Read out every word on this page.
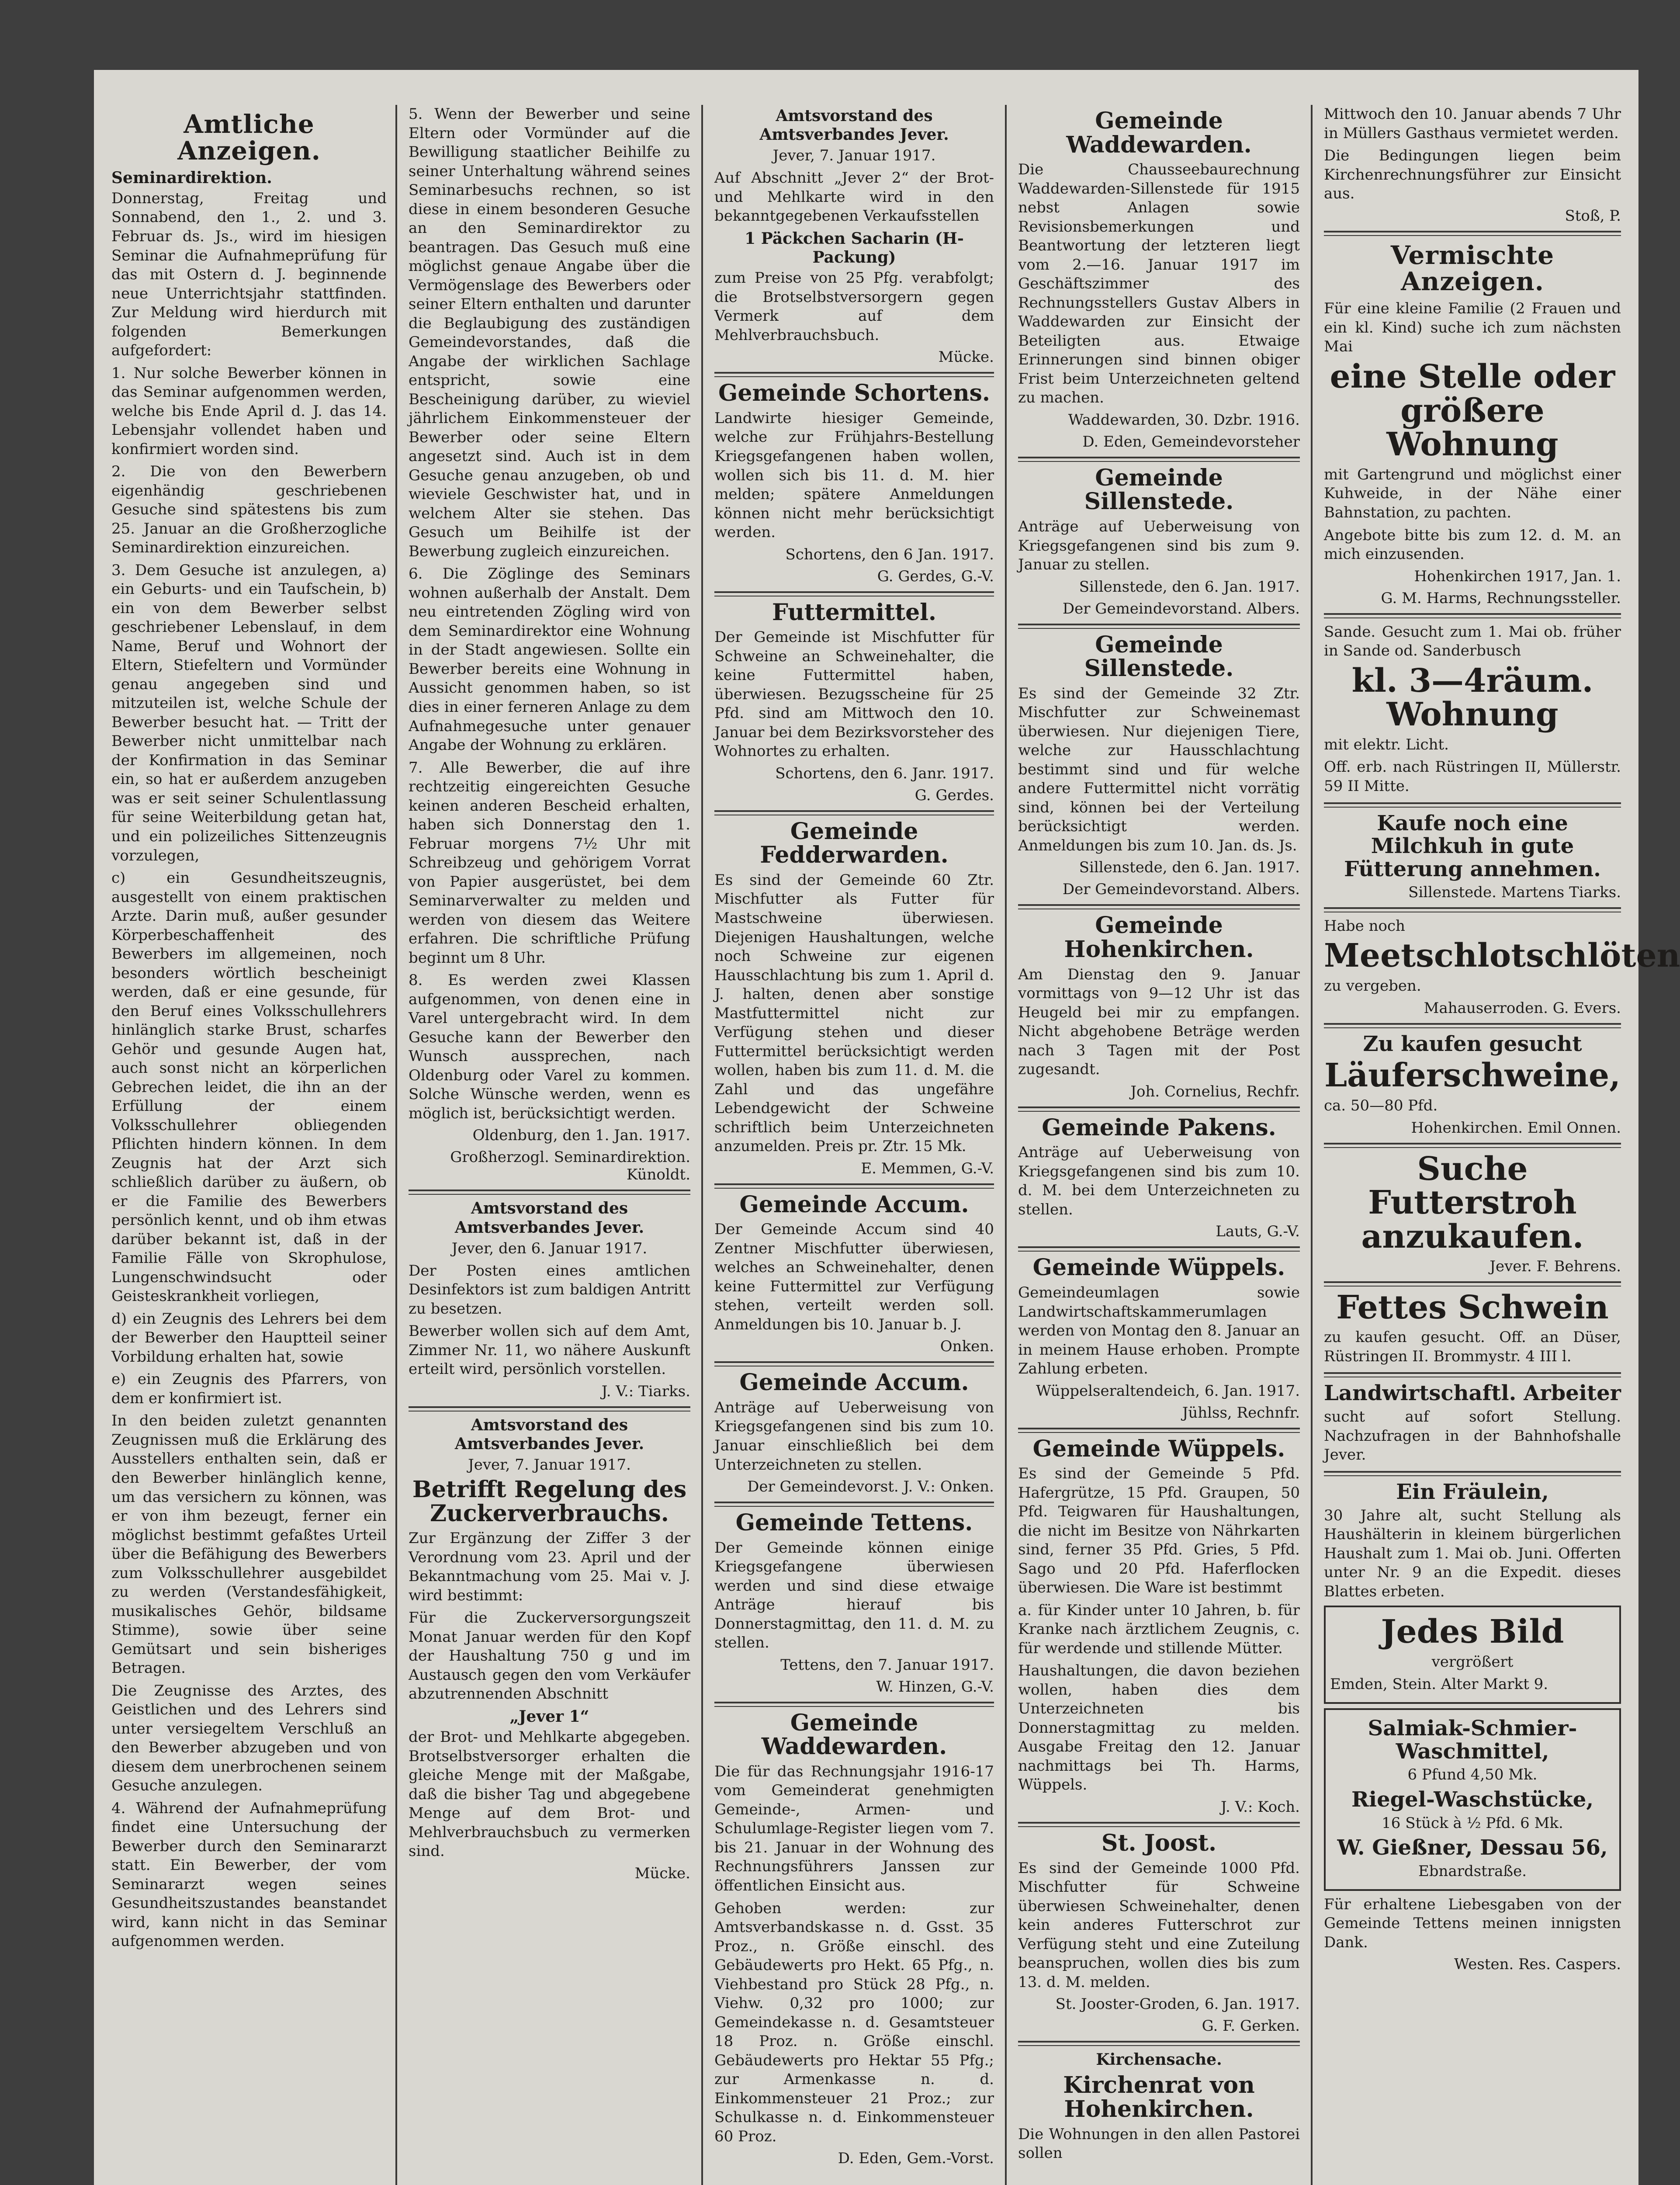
Amtliche Anzeigen.
Seminardirektion.

Donnerstag, Freitag und Sonnabend, den 1., 2. und 3. Februar ds. Js., wird im hiesigen Seminar die Aufnahmeprüfung für das mit Ostern d. J. beginnende neue Unterrichtsjahr stattfinden. Zur Meldung wird hierdurch mit folgenden Bemerkungen aufgefordert:

1. Nur solche Bewerber können in das Seminar aufgenommen werden, welche bis Ende April d. J. das 14. Lebensjahr vollendet haben und konfirmiert worden sind.

2. Die von den Bewerbern eigenhändig geschriebenen Gesuche sind spätestens bis zum 25. Januar an die Großherzogliche Seminardirektion einzureichen.

3. Dem Gesuche ist anzulegen, a) ein Geburts- und ein Taufschein, b) ein von dem Bewerber selbst geschriebener Lebenslauf, in dem Name, Beruf und Wohnort der Eltern, Stiefeltern und Vormünder genau angegeben sind und mitzuteilen ist, welche Schule der Bewerber besucht hat. — Tritt der Bewerber nicht unmittelbar nach der Konfirmation in das Seminar ein, so hat er außerdem anzugeben was er seit seiner Schulentlassung für seine Weiterbildung getan hat, und ein polizeiliches Sittenzeugnis vorzulegen,

c) ein Gesundheitszeugnis, ausgestellt von einem praktischen Arzte. Darin muß, außer gesunder Körperbeschaffenheit des Bewerbers im allgemeinen, noch besonders wörtlich bescheinigt werden, daß er eine gesunde, für den Beruf eines Volksschullehrers hinlänglich starke Brust, scharfes Gehör und gesunde Augen hat, auch sonst nicht an körperlichen Gebrechen leidet, die ihn an der Erfüllung der einem Volksschullehrer obliegenden Pflichten hindern können. In dem Zeugnis hat der Arzt sich schließlich darüber zu äußern, ob er die Familie des Bewerbers persönlich kennt, und ob ihm etwas darüber bekannt ist, daß in der Familie Fälle von Skrophulose, Lungenschwindsucht oder Geisteskrankheit vorliegen,

d) ein Zeugnis des Lehrers bei dem der Bewerber den Hauptteil seiner Vorbildung erhalten hat, sowie

e) ein Zeugnis des Pfarrers, von dem er konfirmiert ist.

In den beiden zuletzt genannten Zeugnissen muß die Erklärung des Ausstellers enthalten sein, daß er den Bewerber hinlänglich kenne, um das versichern zu können, was er von ihm bezeugt, ferner ein möglichst bestimmt gefaßtes Urteil über die Befähigung des Bewerbers zum Volksschullehrer ausgebildet zu werden (Verstandesfähigkeit, musikalisches Gehör, bildsame Stimme), sowie über seine Gemütsart und sein bisheriges Betragen.

Die Zeugnisse des Arztes, des Geistlichen und des Lehrers sind unter versiegeltem Verschluß an den Bewerber abzugeben und von diesem dem unerbrochenen seinem Gesuche anzulegen.

4. Während der Aufnahmeprüfung findet eine Untersuchung der Bewerber durch den Seminararzt statt. Ein Bewerber, der vom Seminararzt wegen seines Gesundheitszustandes beanstandet wird, kann nicht in das Seminar aufgenommen werden.

5. Wenn der Bewerber und seine Eltern oder Vormünder auf die Bewilligung staatlicher Beihilfe zu seiner Unterhaltung während seines Seminarbesuchs rechnen, so ist diese in einem besonderen Gesuche an den Seminardirektor zu beantragen. Das Gesuch muß eine möglichst genaue Angabe über die Vermögenslage des Bewerbers oder seiner Eltern enthalten und darunter die Beglaubigung des zuständigen Gemeindevorstandes, daß die Angabe der wirklichen Sachlage entspricht, sowie eine Bescheinigung darüber, zu wieviel jährlichem Einkommensteuer der Bewerber oder seine Eltern angesetzt sind. Auch ist in dem Gesuche genau anzugeben, ob und wieviele Geschwister hat, und in welchem Alter sie stehen. Das Gesuch um Beihilfe ist der Bewerbung zugleich einzureichen.

6. Die Zöglinge des Seminars wohnen außerhalb der Anstalt. Dem neu eintretenden Zögling wird von dem Seminardirektor eine Wohnung in der Stadt angewiesen. Sollte ein Bewerber bereits eine Wohnung in Aussicht genommen haben, so ist dies in einer ferneren Anlage zu dem Aufnahmegesuche unter genauer Angabe der Wohnung zu erklären.

7. Alle Bewerber, die auf ihre rechtzeitig eingereichten Gesuche keinen anderen Bescheid erhalten, haben sich Donnerstag den 1. Februar morgens 7½ Uhr mit Schreibzeug und gehörigem Vorrat von Papier ausgerüstet, bei dem Seminarverwalter zu melden und werden von diesem das Weitere erfahren. Die schriftliche Prüfung beginnt um 8 Uhr.

8. Es werden zwei Klassen aufgenommen, von denen eine in Varel untergebracht wird. In dem Gesuche kann der Bewerber den Wunsch aussprechen, nach Oldenburg oder Varel zu kommen. Solche Wünsche werden, wenn es möglich ist, berücksichtigt werden.

Oldenburg, den 1. Jan. 1917.
Großherzogl. Seminardirektion. Künoldt.
Amtsvorstand des Amtsverbandes Jever.
Jever, den 6. Januar 1917.

Der Posten eines amtlichen Desinfektors ist zum baldigen Antritt zu besetzen.

Bewerber wollen sich auf dem Amt, Zimmer Nr. 11, wo nähere Auskunft erteilt wird, persönlich vorstellen.

J. V.: Tiarks.
Amtsvorstand des Amtsverbandes Jever.
Jever, 7. Januar 1917.
Betrifft Regelung des Zuckerverbrauchs.

Zur Ergänzung der Ziffer 3 der Verordnung vom 23. April und der Bekanntmachung vom 25. Mai v. J. wird bestimmt:

Für die Zuckerversorgungszeit Monat Januar werden für den Kopf der Haushaltung 750 g und im Austausch gegen den vom Verkäufer abzutrennenden Abschnitt

„Jever 1“

der Brot- und Mehlkarte abgegeben. Brotselbstversorger erhalten die gleiche Menge mit der Maßgabe, daß die bisher Tag und abgegebene Menge auf dem Brot- und Mehlverbrauchsbuch zu vermerken sind.

Mücke.
Amtsvorstand des Amtsverbandes Jever.
Jever, 7. Januar 1917.

Auf Abschnitt „Jever 2“ der Brot- und Mehlkarte wird in den bekanntgegebenen Verkaufsstellen

1 Päckchen Sacharin (H-Packung)

zum Preise von 25 Pfg. verabfolgt; die Brotselbstversorgern gegen Vermerk auf dem Mehlverbrauchsbuch.

Mücke.
Gemeinde Schortens.

Landwirte hiesiger Gemeinde, welche zur Frühjahrs-Bestellung Kriegsgefangenen haben wollen, wollen sich bis 11. d. M. hier melden; spätere Anmeldungen können nicht mehr berücksichtigt werden.

Schortens, den 6 Jan. 1917.
G. Gerdes, G.-V.
Futtermittel.

Der Gemeinde ist Mischfutter für Schweine an Schweinehalter, die keine Futtermittel haben, überwiesen. Bezugsscheine für 25 Pfd. sind am Mittwoch den 10. Januar bei dem Bezirksvorsteher des Wohnortes zu erhalten.

Schortens, den 6. Janr. 1917.
G. Gerdes.
Gemeinde Fedderwarden.

Es sind der Gemeinde 60 Ztr. Mischfutter als Futter für Mastschweine überwiesen. Diejenigen Haushaltungen, welche noch Schweine zur eigenen Hausschlachtung bis zum 1. April d. J. halten, denen aber sonstige Mastfuttermittel nicht zur Verfügung stehen und dieser Futtermittel berücksichtigt werden wollen, haben bis zum 11. d. M. die Zahl und das ungefähre Lebendgewicht der Schweine schriftlich beim Unterzeichneten anzumelden. Preis pr. Ztr. 15 Mk.

E. Memmen, G.-V.
Gemeinde Accum.

Der Gemeinde Accum sind 40 Zentner Mischfutter überwiesen, welches an Schweinehalter, denen keine Futtermittel zur Verfügung stehen, verteilt werden soll. Anmeldungen bis 10. Januar b. J.

Onken.
Gemeinde Accum.

Anträge auf Ueberweisung von Kriegsgefangenen sind bis zum 10. Januar einschließlich bei dem Unterzeichneten zu stellen.

Der Gemeindevorst. J. V.: Onken.
Gemeinde Tettens.

Der Gemeinde können einige Kriegsgefangene überwiesen werden und sind diese etwaige Anträge hierauf bis Donnerstagmittag, den 11. d. M. zu stellen.

Tettens, den 7. Januar 1917.
W. Hinzen, G.-V.
Gemeinde Waddewarden.

Die für das Rechnungsjahr 1916-17 vom Gemeinderat genehmigten Gemeinde-, Armen- und Schulumlage-Register liegen vom 7. bis 21. Januar in der Wohnung des Rechnungsführers Janssen zur öffentlichen Einsicht aus.

Gehoben werden: zur Amtsverbandskasse n. d. Gsst. 35 Proz., n. Größe einschl. des Gebäudewerts pro Hekt. 65 Pfg., n. Viehbestand pro Stück 28 Pfg., n. Viehw. 0,32 pro 1000; zur Gemeindekasse n. d. Gesamtsteuer 18 Proz. n. Größe einschl. Gebäudewerts pro Hektar 55 Pfg.; zur Armenkasse n. d. Einkommensteuer 21 Proz.; zur Schulkasse n. d. Einkommensteuer 60 Proz.

D. Eden, Gem.-Vorst.
Gemeinde Waddewarden.

Die Chausseebaurechnung Waddewarden-Sillenstede für 1915 nebst Anlagen sowie Revisionsbemerkungen und Beantwortung der letzteren liegt vom 2.—16. Januar 1917 im Geschäftszimmer des Rechnungsstellers Gustav Albers in Waddewarden zur Einsicht der Beteiligten aus. Etwaige Erinnerungen sind binnen obiger Frist beim Unterzeichneten geltend zu machen.

Waddewarden, 30. Dzbr. 1916.
D. Eden, Gemeindevorsteher
Gemeinde Sillenstede.

Anträge auf Ueberweisung von Kriegsgefangenen sind bis zum 9. Januar zu stellen.

Sillenstede, den 6. Jan. 1917.
Der Gemeindevorstand. Albers.
Gemeinde Sillenstede.

Es sind der Gemeinde 32 Ztr. Mischfutter zur Schweinemast überwiesen. Nur diejenigen Tiere, welche zur Hausschlachtung bestimmt sind und für welche andere Futtermittel nicht vorrätig sind, können bei der Verteilung berücksichtigt werden. Anmeldungen bis zum 10. Jan. ds. Js.

Sillenstede, den 6. Jan. 1917.
Der Gemeindevorstand. Albers.
Gemeinde Hohenkirchen.

Am Dienstag den 9. Januar vormittags von 9—12 Uhr ist das Heugeld bei mir zu empfangen. Nicht abgehobene Beträge werden nach 3 Tagen mit der Post zugesandt.

Joh. Cornelius, Rechfr.
Gemeinde Pakens.

Anträge auf Ueberweisung von Kriegsgefangenen sind bis zum 10. d. M. bei dem Unterzeichneten zu stellen.

Lauts, G.-V.
Gemeinde Wüppels.

Gemeindeumlagen sowie Landwirtschaftskammerumlagen werden von Montag den 8. Januar an in meinem Hause erhoben. Prompte Zahlung erbeten.

Wüppelseraltendeich, 6. Jan. 1917.
Jühlss, Rechnfr.
Gemeinde Wüppels.

Es sind der Gemeinde 5 Pfd. Hafergrütze, 15 Pfd. Graupen, 50 Pfd. Teigwaren für Haushaltungen, die nicht im Besitze von Nährkarten sind, ferner 35 Pfd. Gries, 5 Pfd. Sago und 20 Pfd. Haferflocken überwiesen. Die Ware ist bestimmt

a. für Kinder unter 10 Jahren, b. für Kranke nach ärztlichem Zeugnis, c. für werdende und stillende Mütter.

Haushaltungen, die davon beziehen wollen, haben dies dem Unterzeichneten bis Donnerstagmittag zu melden. Ausgabe Freitag den 12. Januar nachmittags bei Th. Harms, Wüppels.

J. V.: Koch.
St. Joost.

Es sind der Gemeinde 1000 Pfd. Mischfutter für Schweine überwiesen Schweinehalter, denen kein anderes Futterschrot zur Verfügung steht und eine Zuteilung beanspruchen, wollen dies bis zum 13. d. M. melden.

St. Jooster-Groden, 6. Jan. 1917.
G. F. Gerken.
Kirchensache.
Kirchenrat von Hohenkirchen.

Die Wohnungen in den allen Pastorei sollen

Mittwoch den 10. Januar abends 7 Uhr in Müllers Gasthaus vermietet werden.

Die Bedingungen liegen beim Kirchenrechnungsführer zur Einsicht aus.

Stoß, P.
Vermischte Anzeigen.

Für eine kleine Familie (2 Frauen und ein kl. Kind) suche ich zum nächsten Mai

eine Stelle oder größere Wohnung

mit Gartengrund und möglichst einer Kuhweide, in der Nähe einer Bahnstation, zu pachten.

Angebote bitte bis zum 12. d. M. an mich einzusenden.

Hohenkirchen 1917, Jan. 1.
G. M. Harms, Rechnungssteller.

Sande. Gesucht zum 1. Mai ob. früher in Sande od. Sanderbusch

kl. 3—4räum. Wohnung

mit elektr. Licht.

Off. erb. nach Rüstringen II, Müllerstr. 59 II Mitte.

Kaufe noch eine Milchkuh in gute Fütterung annehmen.
Sillenstede. Martens Tiarks.

Habe noch

Meetschlotschlöten

zu vergeben.

Mahauserroden. G. Evers.
Zu kaufen gesucht
Läuferschweine,

ca. 50—80 Pfd.

Hohenkirchen. Emil Onnen.
Suche Futterstroh anzukaufen.
Jever. F. Behrens.
Fettes Schwein

zu kaufen gesucht. Off. an Düser, Rüstringen II. Brommystr. 4 III l.

Landwirtschaftl. Arbeiter

sucht auf sofort Stellung. Nachzufragen in der Bahnhofshalle Jever.

Ein Fräulein,

30 Jahre alt, sucht Stellung als Haushälterin in kleinem bürgerlichen Haushalt zum 1. Mai ob. Juni. Offerten unter Nr. 9 an die Expedit. dieses Blattes erbeten.

Jedes Bild

vergrößert

Emden, Stein. Alter Markt 9.

Salmiak-Schmier-Waschmittel,

6 Pfund 4,50 Mk.

Riegel-Waschstücke,

16 Stück à ½ Pfd. 6 Mk.

W. Gießner, Dessau 56,

Ebnardstraße.

Für erhaltene Liebesgaben von der Gemeinde Tettens meinen innigsten Dank.

Westen. Res. Caspers.
